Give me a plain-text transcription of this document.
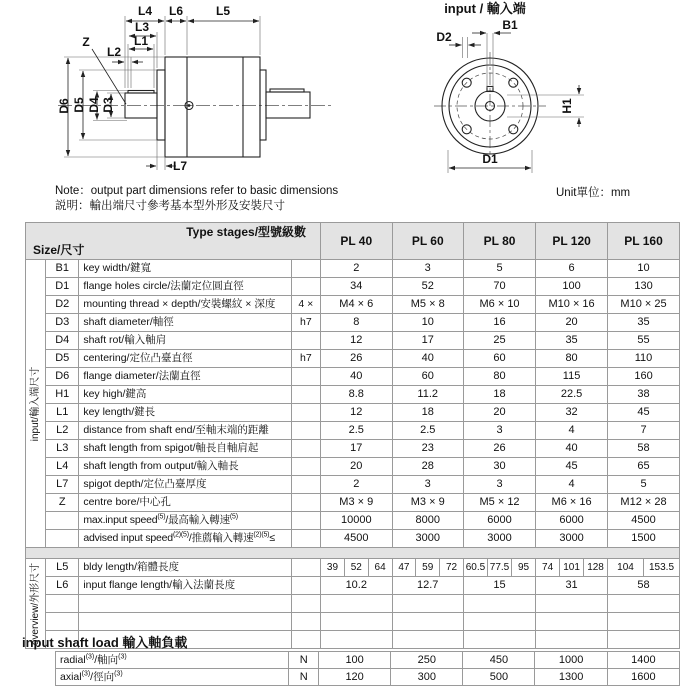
L4 L6	L5
L3
L1
L2
Z
D6 D5 D4 D3
L7
input / 輸入端
D2
B1
H1
D1
Note：output part dimensions refer to basic dimensions
説明：輸出端尺寸參考基本型外形及安裝尺寸
Unit單位：mm
Type stages/型號級數
Size/尺寸				PL 40	PL 60	PL 80	PL 120	PL 160

input/輸入端尺寸	B1	key width/鍵寬		2	3	5	6	10
	D1	flange holes circle/法蘭定位圓直徑		34	52	70	100	130
	D2	mounting thread × depth/安裝螺紋 × 深度	4 ×	M4 × 6	M5 × 8	M6 × 10	M10 × 16	M10 × 25
	D3	shaft diameter/軸徑	h7	8	10	16	20	35
	D4	shaft rot/輸入軸肩		12	17	25	35	55
	D5	centering/定位凸臺直徑	h7	26	40	60	80	110
	D6	flange diameter/法蘭直徑		40	60	80	115	160
	H1	key high/鍵高		8.8	11.2	18	22.5	38
	L1	key length/鍵長		12	18	20	32	45
	L2	distance from shaft end/至軸末端的距離		2.5	2.5	3	4	7
	L3	shaft length from spigot/軸長自軸肩起		17	23	26	40	58
	L4	shaft length from output/輸入軸長		20	28	30	45	65
	L7	spigot depth/定位凸臺厚度		2	3	3	4	5
	Z	centre bore/中心孔		M3 × 9	M3 × 9	M5 × 12	M6 × 16	M12 × 28
		max.input speed$^{(5)}$/最高輸入轉速$^{(5)}$		10000	8000	6000	6000	4500
		advised input speed$^{(2)(5)}$/推薦輸入轉速$^{(2)(5)}$≤		4500	3000	3000	3000	1500

overview/外形尺寸	L5	bldy length/箱體長度		39 52 64	47 59 72	60.5 77.5 95	74 101 128	104 153.5

	L6	input flange length/輸入法蘭長度		10.2	12.7	15	31	58

input shaft load 輸入軸負載
radial$^{(3)}$/軸向$^{(3)}$	N	100	250	450	1000	1400
axial$^{(3)}$/徑向$^{(3)}$	N	120	300	500	1300	1600
